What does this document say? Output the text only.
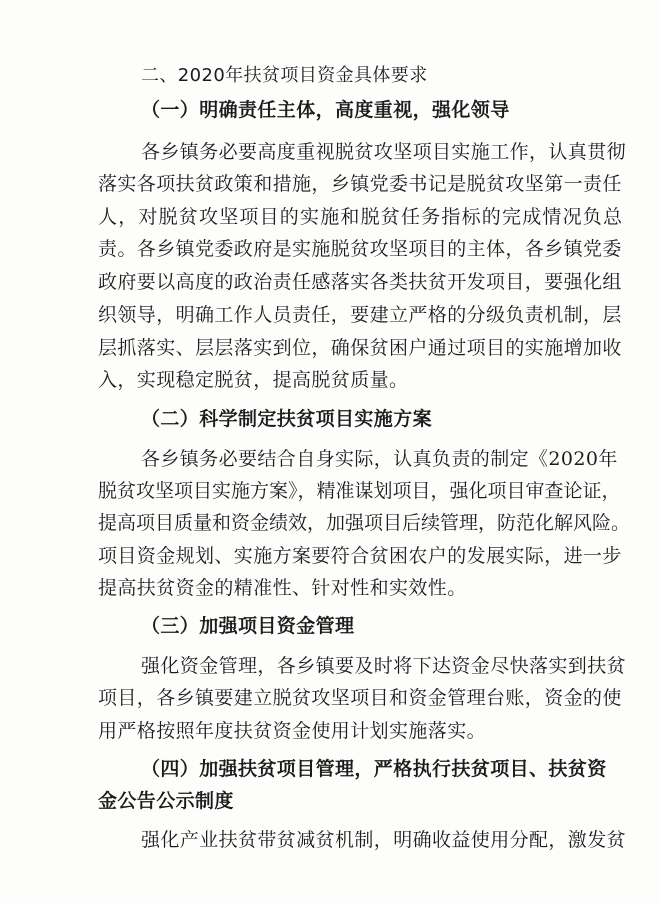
二、2020年扶贫项目资金具体要求
（一）明确责任主体，高度重视，强化领导
各乡镇务必要高度重视脱贫攻坚项目实施工作，认真贯彻
落实各项扶贫政策和措施，乡镇党委书记是脱贫攻坚第一责任
人，对脱贫攻坚项目的实施和脱贫任务指标的完成情况负总
责。各乡镇党委政府是实施脱贫攻坚项目的主体，各乡镇党委
政府要以高度的政治责任感落实各类扶贫开发项目，要强化组
织领导，明确工作人员责任，要建立严格的分级负责机制，层
层抓落实、层层落实到位，确保贫困户通过项目的实施增加收
入，实现稳定脱贫，提高脱贫质量。
（二）科学制定扶贫项目实施方案
各乡镇务必要结合自身实际，认真负责的制定《2020年
脱贫攻坚项目实施方案》，精准谋划项目，强化项目审查论证，
提高项目质量和资金绩效，加强项目后续管理，防范化解风险。
项目资金规划、实施方案要符合贫困农户的发展实际，进一步
提高扶贫资金的精准性、针对性和实效性。
（三）加强项目资金管理
强化资金管理，各乡镇要及时将下达资金尽快落实到扶贫
项目，各乡镇要建立脱贫攻坚项目和资金管理台账，资金的使
用严格按照年度扶贫资金使用计划实施落实。
（四）加强扶贫项目管理，严格执行扶贫项目、扶贫资
金公告公示制度
强化产业扶贫带贫减贫机制，明确收益使用分配，激发贫
